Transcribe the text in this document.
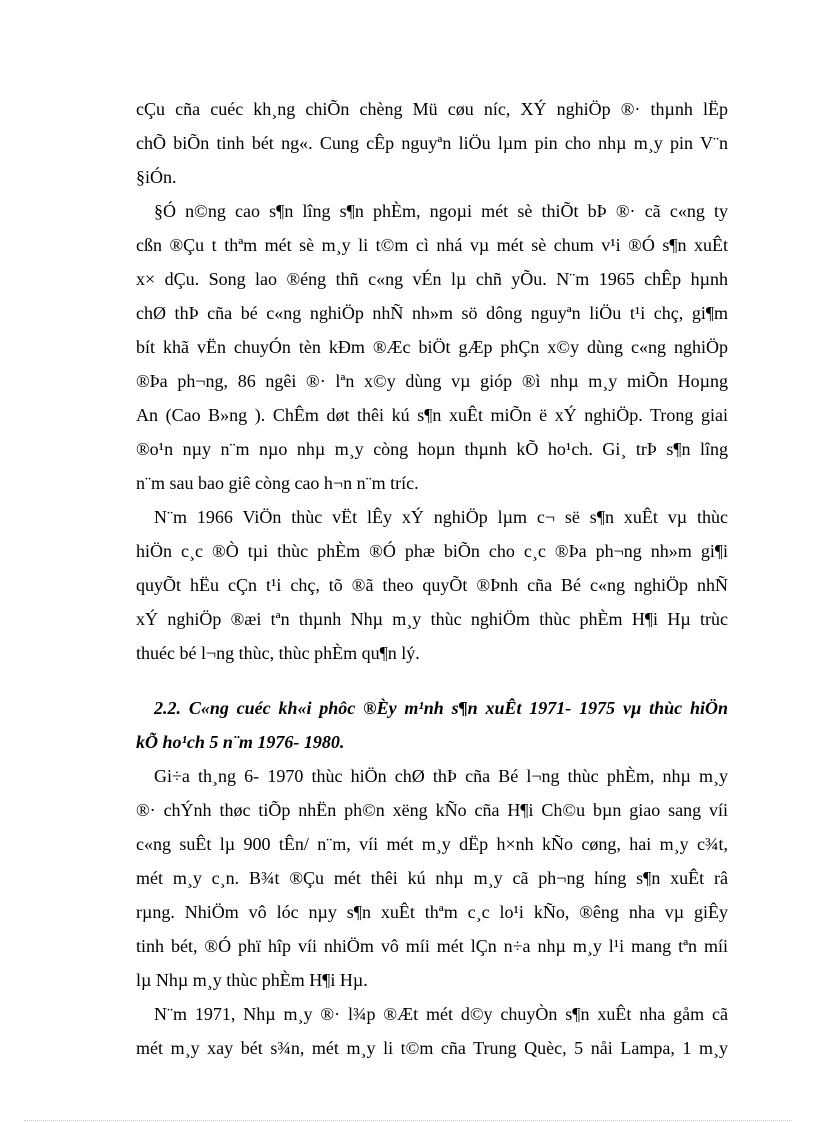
cÇu cña cuéc kh¸ng chiÕn chèng Mü cøu níc, XÝ nghiÖp ®· thµnh lËp
chÕ biÕn tinh bét ng«. Cung cÊp nguyªn liÖu lµm pin cho nhµ m¸y pin V¨n
§iÓn.
§Ó n©ng cao s¶n lîng s¶n phÈm, ngoµi mét sè thiÕt bÞ ®· cã c«ng ty
cßn ®Çu t thªm mét sè m¸y li t©m cì nhá vµ mét sè chum v¹i ®Ó s¶n xuÊt
x× dÇu. Song lao ®éng thñ c«ng vÉn lµ chñ yÕu. N¨m 1965 chÊp hµnh
chØ thÞ cña bé c«ng nghiÖp nhÑ nh»m sö dông nguyªn liÖu t¹i chç, gi¶m
bít khã vËn chuyÓn tèn kÐm ®Æc biÖt gÆp phÇn x©y dùng c«ng nghiÖp
®Þa ph¬ng, 86 ngêi ®· lªn x©y dùng vµ gióp ®ì nhµ m¸y miÕn Hoµng
An (Cao B»ng ). ChÊm døt thêi kú s¶n xuÊt miÕn ë xÝ nghiÖp. Trong giai
®o¹n nµy n¨m nµo nhµ m¸y còng hoµn thµnh kÕ ho¹ch. Gi¸ trÞ s¶n lîng
n¨m sau bao giê còng cao h¬n n¨m tríc.
N¨m 1966 ViÖn thùc vËt lÊy xÝ nghiÖp lµm c¬ së s¶n xuÊt vµ thùc
hiÖn c¸c ®Ò tµi thùc phÈm ®Ó phæ biÕn cho c¸c ®Þa ph¬ng nh»m gi¶i
quyÕt hËu cÇn t¹i chç, tõ ®ã theo quyÕt ®Þnh cña Bé c«ng nghiÖp nhÑ
xÝ nghiÖp ®æi tªn thµnh Nhµ m¸y thùc nghiÖm thùc phÈm H¶i Hµ trùc
thuéc bé l¬ng thùc, thùc phÈm qu¶n lý.
2.2. C«ng cuéc kh«i phôc ®Èy m¹nh s¶n xuÊt 1971- 1975 vµ thùc hiÖn
kÕ ho¹ch 5 n¨m 1976- 1980.
Gi÷a th¸ng 6- 1970 thùc hiÖn chØ thÞ cña Bé l¬ng thùc phÈm, nhµ m¸y
®· chÝnh thøc tiÕp nhËn ph©n xëng kÑo cña H¶i Ch©u bµn giao sang víi
c«ng suÊt lµ 900 tÊn/ n¨m, víi mét m¸y dËp h×nh kÑo cøng, hai m¸y c¾t,
mét m¸y c¸n. B¾t ®Çu mét thêi kú nhµ m¸y cã ph¬ng híng s¶n xuÊt râ
rµng. NhiÖm vô lóc nµy s¶n xuÊt thªm c¸c lo¹i kÑo, ®êng nha vµ giÊy
tinh bét, ®Ó phï hîp víi nhiÖm vô míi mét lÇn n÷a nhµ m¸y l¹i mang tªn míi
lµ Nhµ m¸y thùc phÈm H¶i Hµ.
N¨m 1971, Nhµ m¸y ®· l¾p ®Æt mét d©y chuyÒn s¶n xuÊt nha gåm cã
mét m¸y xay bét s¾n, mét m¸y li t©m cña Trung Quèc, 5 nåi Lampa, 1 m¸y
